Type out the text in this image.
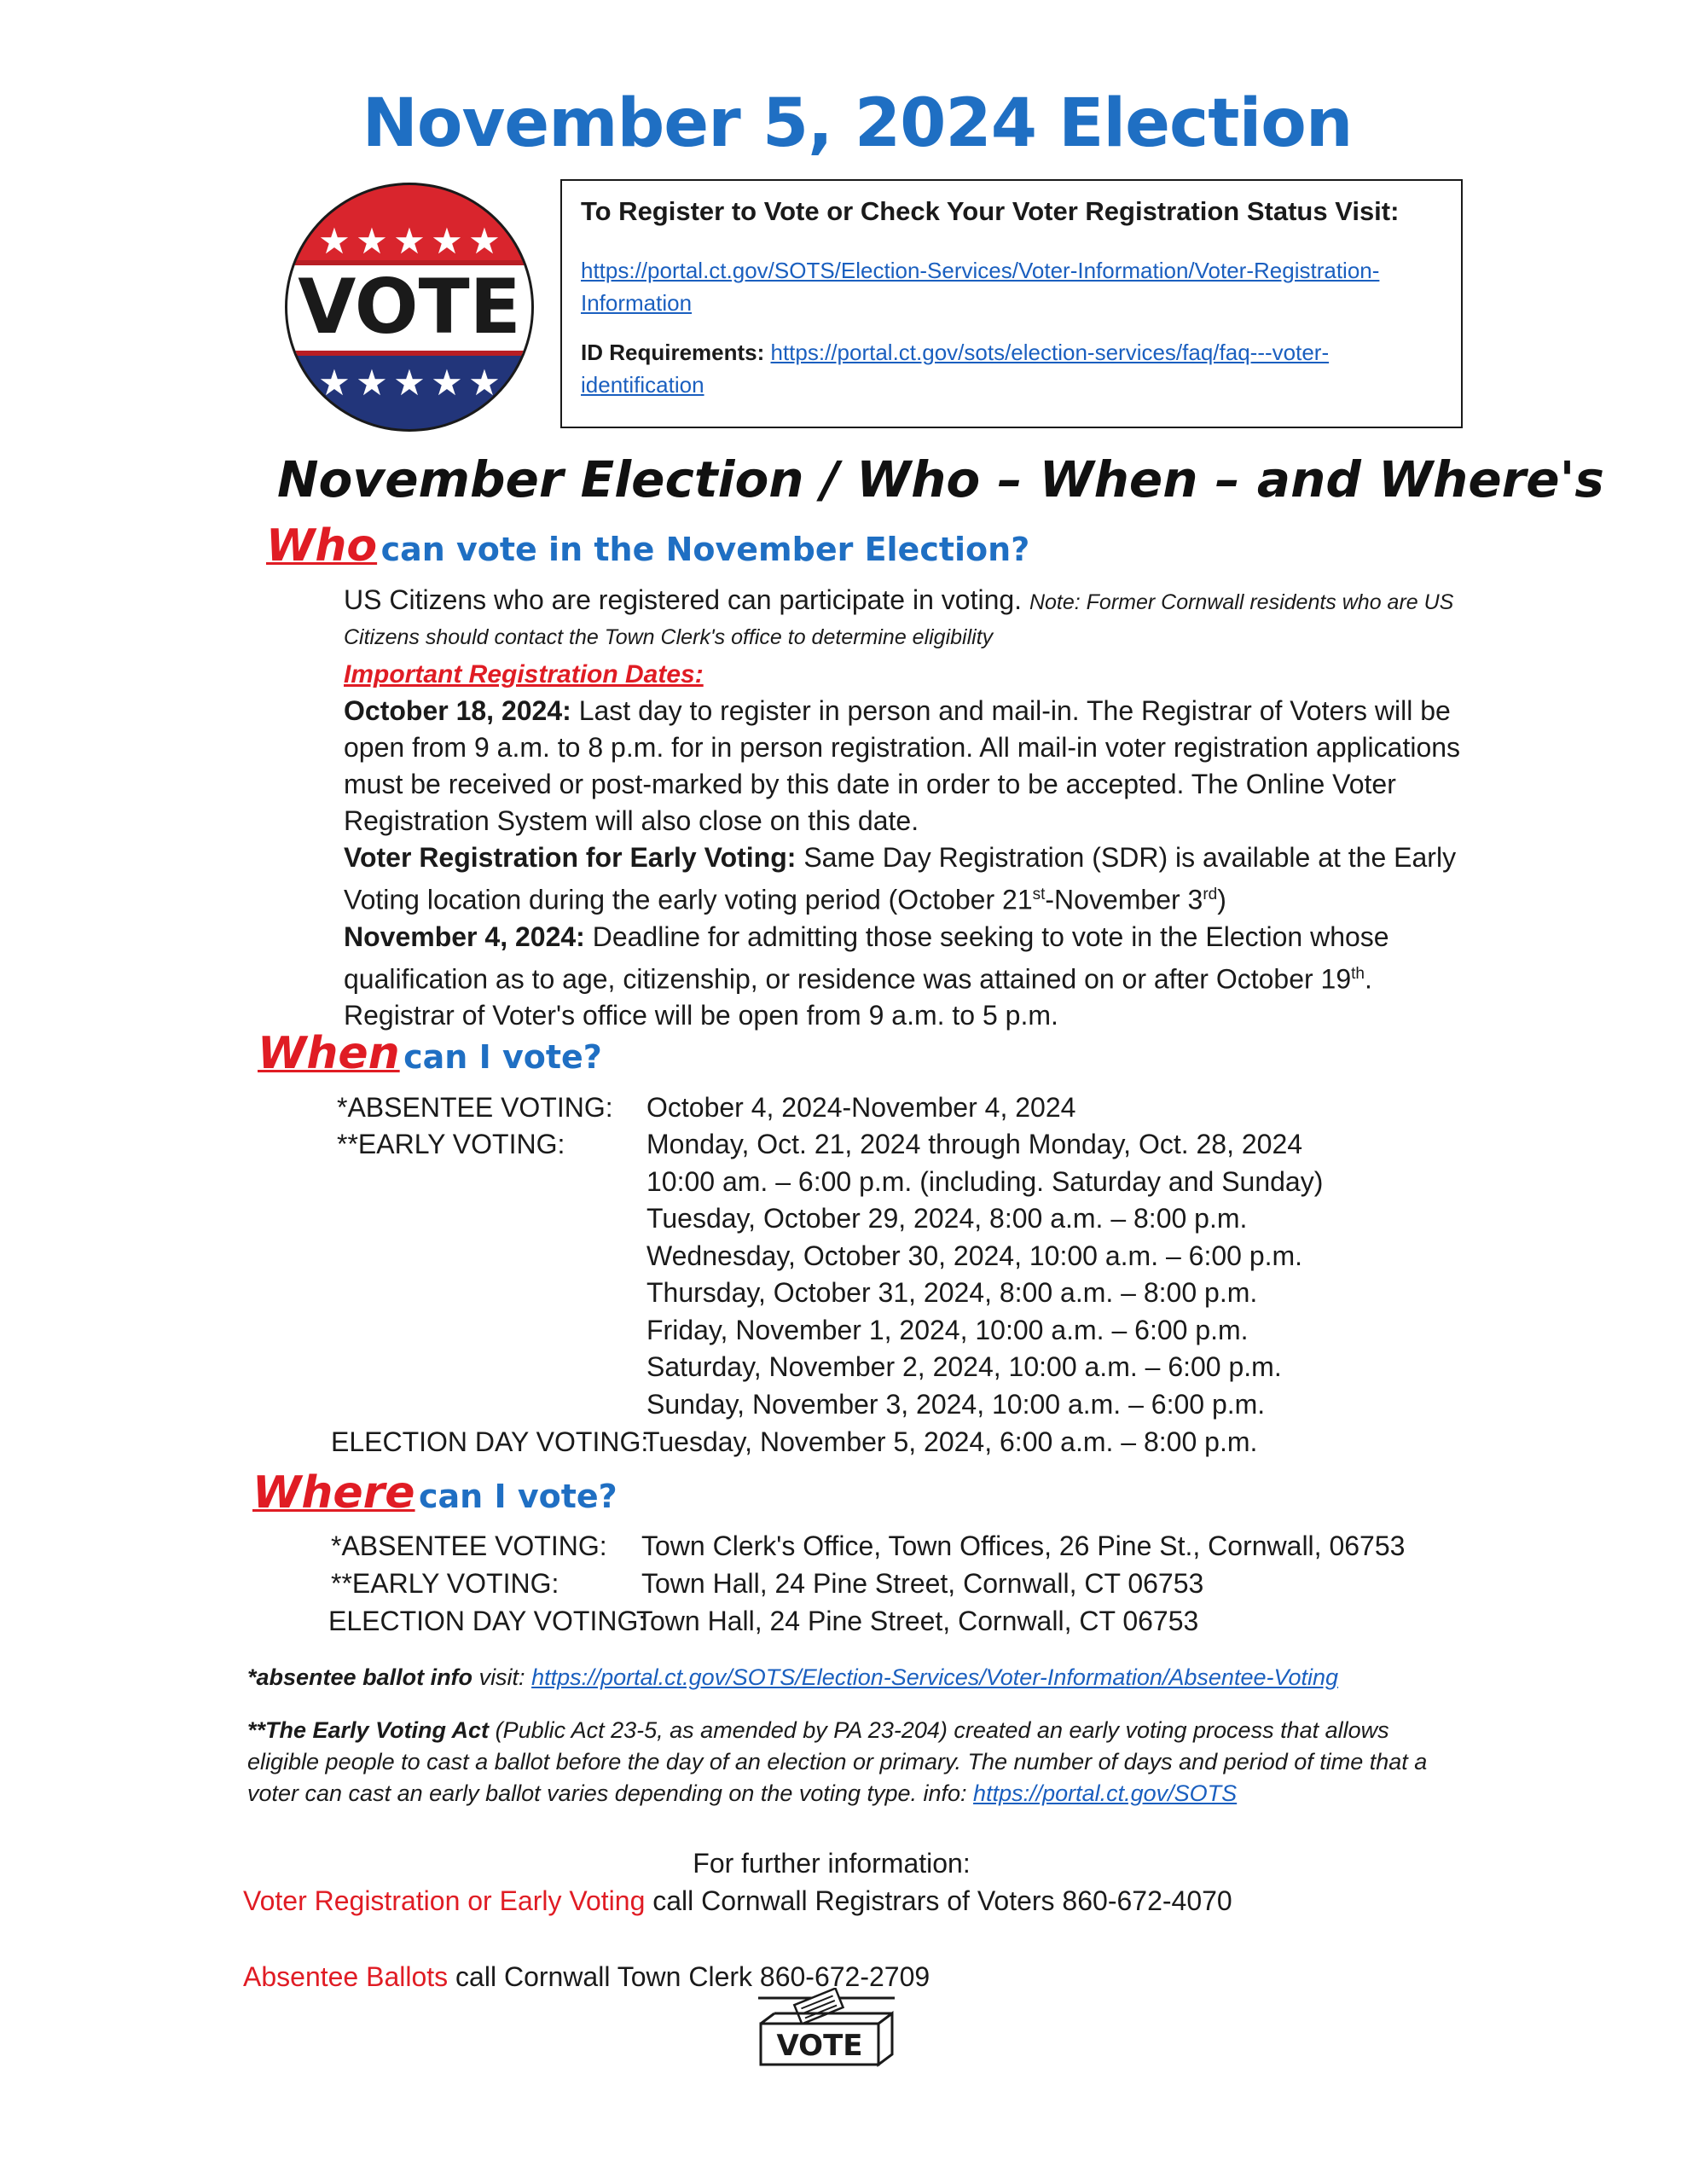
November 5, 2024 Election
★ ★ ★ ★ ★
★ ★ ★ ★ ★
VOTE
To Register to Vote or Check Your Voter Registration Status Visit:
https://portal.ct.gov/SOTS/Election-Services/Voter-Information/Voter-Registration-Information
ID Requirements: https://portal.ct.gov/sots/election-services/faq/faq---voter-identification
November Election / Who – When – and Where's
Who can vote in the November Election?
US Citizens who are registered can participate in voting. Note: Former Cornwall residents who are US Citizens should contact the Town Clerk's office to determine eligibility
Important Registration Dates:
October 18, 2024: Last day to register in person and mail-in. The Registrar of Voters will be open from 9 a.m. to 8 p.m. for in person registration. All mail-in voter registration applications must be received or post-marked by this date in order to be accepted. The Online Voter Registration System will also close on this date.
Voter Registration for Early Voting: Same Day Registration (SDR) is available at the Early Voting location during the early voting period (October 21st-November 3rd)
November 4, 2024: Deadline for admitting those seeking to vote in the Election whose qualification as to age, citizenship, or residence was attained on or after October 19th.
Registrar of Voter's office will be open from 9 a.m. to 5 p.m.
When can I vote?
*ABSENTEE VOTING: October 4, 2024-November 4, 2024
**EARLY VOTING:	Monday, Oct. 21, 2024 through Monday, Oct. 28, 2024
10:00 am. – 6:00 p.m. (including. Saturday and Sunday)
Tuesday, October 29, 2024, 8:00 a.m. – 8:00 p.m.
Wednesday, October 30, 2024, 10:00 a.m. – 6:00 p.m.
Thursday, October 31, 2024, 8:00 a.m. – 8:00 p.m.
Friday, November 1, 2024, 10:00 a.m. – 6:00 p.m.
Saturday, November 2, 2024, 10:00 a.m. – 6:00 p.m.
Sunday, November 3, 2024, 10:00 a.m. – 6:00 p.m.
ELECTION DAY VOTING:
Tuesday, November 5, 2024, 6:00 a.m. – 8:00 p.m.
Where can I vote?
*ABSENTEE VOTING: Town Clerk's Office, Town Offices, 26 Pine St., Cornwall, 06753
**EARLY VOTING:	Town Hall, 24 Pine Street, Cornwall, CT 06753
ELECTION DAY VOTING:
Town Hall, 24 Pine Street, Cornwall, CT 06753
*absentee ballot info visit: https://portal.ct.gov/SOTS/Election-Services/Voter-Information/Absentee-Voting
**The Early Voting Act (Public Act 23-5, as amended by PA 23-204) created an early voting process that allows eligible people to cast a ballot before the day of an election or primary. The number of days and period of time that a voter can cast an early ballot varies depending on the voting type. info: https://portal.ct.gov/SOTS
For further information:
Voter Registration or Early Voting call Cornwall Registrars of Voters 860-672-4070
Absentee Ballots call Cornwall Town Clerk 860-672-2709
VOTE
